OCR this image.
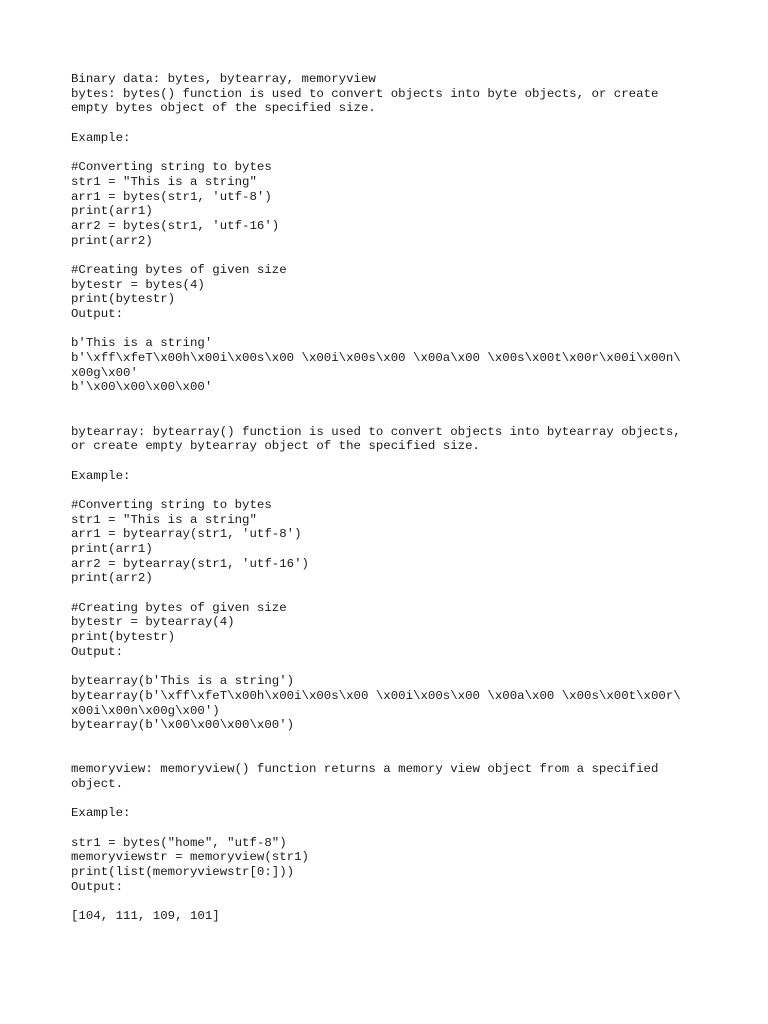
Binary data: bytes, bytearray, memoryview
bytes: bytes() function is used to convert objects into byte objects, or create
empty bytes object of the specified size.
Example:
#Converting string to bytes
str1 = "This is a string"
arr1 = bytes(str1, 'utf-8')
print(arr1)
arr2 = bytes(str1, 'utf-16')
print(arr2)
#Creating bytes of given size
bytestr = bytes(4)
print(bytestr)
Output:
b'This is a string'
b'\xff\xfeT\x00h\x00i\x00s\x00 \x00i\x00s\x00 \x00a\x00 \x00s\x00t\x00r\x00i\x00n\
x00g\x00'
b'\x00\x00\x00\x00'
bytearray: bytearray() function is used to convert objects into bytearray objects,
or create empty bytearray object of the specified size.
Example:
#Converting string to bytes
str1 = "This is a string"
arr1 = bytearray(str1, 'utf-8')
print(arr1)
arr2 = bytearray(str1, 'utf-16')
print(arr2)
#Creating bytes of given size
bytestr = bytearray(4)
print(bytestr)
Output:
bytearray(b'This is a string')
bytearray(b'\xff\xfeT\x00h\x00i\x00s\x00 \x00i\x00s\x00 \x00a\x00 \x00s\x00t\x00r\
x00i\x00n\x00g\x00')
bytearray(b'\x00\x00\x00\x00')
memoryview: memoryview() function returns a memory view object from a specified
object.
Example:
str1 = bytes("home", "utf-8")
memoryviewstr = memoryview(str1)
print(list(memoryviewstr[0:]))
Output:
[104, 111, 109, 101]
